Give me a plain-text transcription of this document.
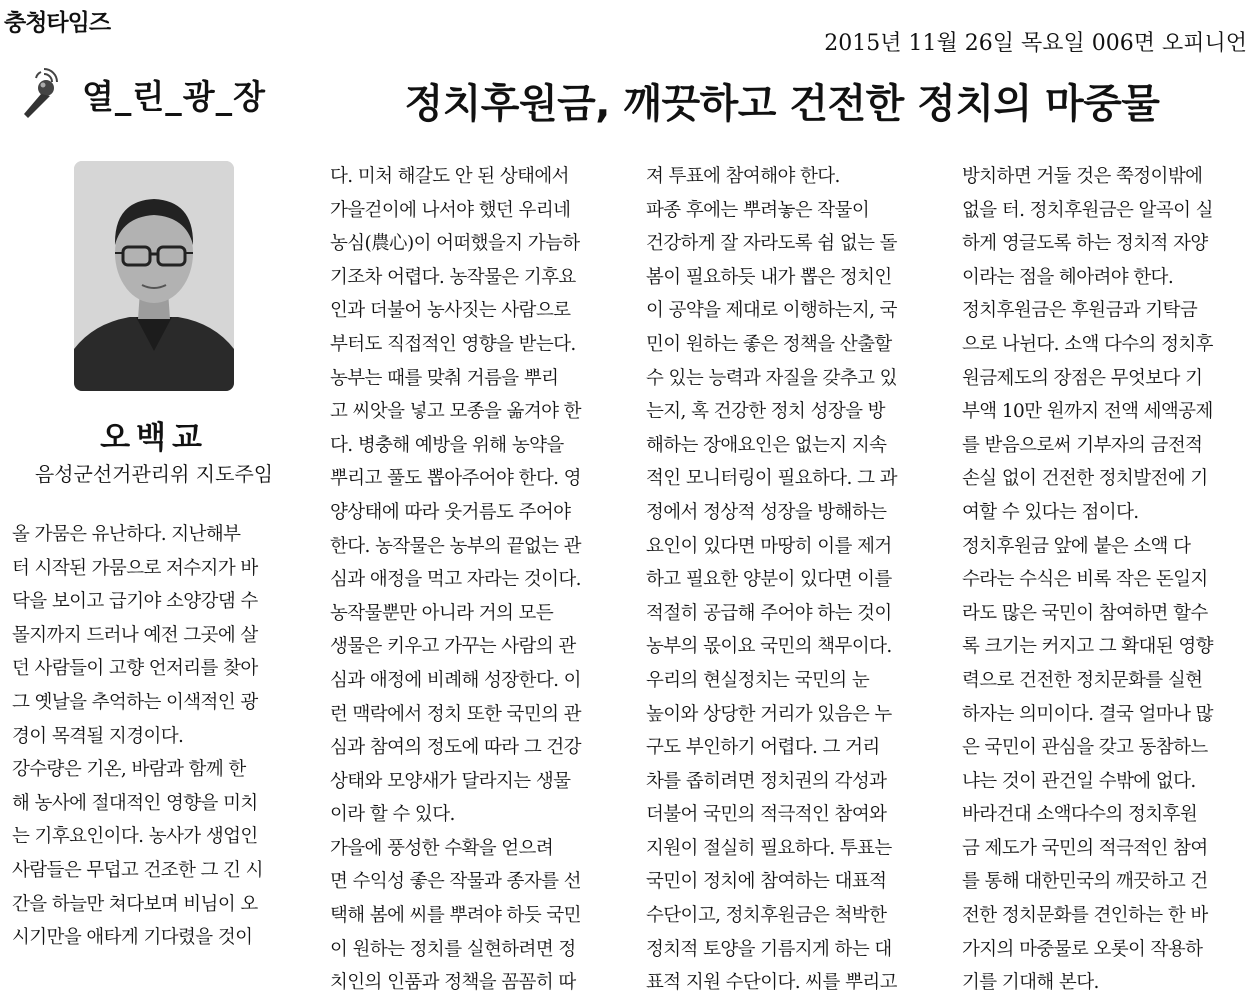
충청타임즈
2015년 11월 26일 목요일 006면 오피니언
열_린_광_장	정치후원금, 깨끗하고 건전한 정치의 마중물
오백교
음성군선거관리위 지도주임
올 가뭄은 유난하다. 지난해부
터 시작된 가뭄으로 저수지가 바
닥을 보이고 급기야 소양강댐 수
몰지까지 드러나 예전 그곳에 살
던 사람들이 고향 언저리를 찾아
그 옛날을 추억하는 이색적인 광
경이 목격될 지경이다.
강수량은 기온, 바람과 함께 한
해 농사에 절대적인 영향을 미치
는 기후요인이다. 농사가 생업인
사람들은 무덥고 건조한 그 긴 시
간을 하늘만 쳐다보며 비님이 오
시기만을 애타게 기다렸을 것이
다. 미처 해갈도 안 된 상태에서
가을걷이에 나서야 했던 우리네
농심(農心)이 어떠했을지 가늠하
기조차 어렵다. 농작물은 기후요
인과 더불어 농사짓는 사람으로
부터도 직접적인 영향을 받는다.
농부는 때를 맞춰 거름을 뿌리
고 씨앗을 넣고 모종을 옮겨야 한
다. 병충해 예방을 위해 농약을
뿌리고 풀도 뽑아주어야 한다. 영
양상태에 따라 웃거름도 주어야
한다. 농작물은 농부의 끝없는 관
심과 애정을 먹고 자라는 것이다.
농작물뿐만 아니라 거의 모든
생물은 키우고 가꾸는 사람의 관
심과 애정에 비례해 성장한다. 이
런 맥락에서 정치 또한 국민의 관
심과 참여의 정도에 따라 그 건강
상태와 모양새가 달라지는 생물
이라 할 수 있다.
가을에 풍성한 수확을 얻으려
면 수익성 좋은 작물과 종자를 선
택해 봄에 씨를 뿌려야 하듯 국민
이 원하는 정치를 실현하려면 정
치인의 인품과 정책을 꼼꼼히 따
져 투표에 참여해야 한다.
파종 후에는 뿌려놓은 작물이
건강하게 잘 자라도록 쉼 없는 돌
봄이 필요하듯 내가 뽑은 정치인
이 공약을 제대로 이행하는지, 국
민이 원하는 좋은 정책을 산출할
수 있는 능력과 자질을 갖추고 있
는지, 혹 건강한 정치 성장을 방
해하는 장애요인은 없는지 지속
적인 모니터링이 필요하다. 그 과
정에서 정상적 성장을 방해하는
요인이 있다면 마땅히 이를 제거
하고 필요한 양분이 있다면 이를
적절히 공급해 주어야 하는 것이
농부의 몫이요 국민의 책무이다.
우리의 현실정치는 국민의 눈
높이와 상당한 거리가 있음은 누
구도 부인하기 어렵다. 그 거리
차를 좁히려면 정치권의 각성과
더불어 국민의 적극적인 참여와
지원이 절실히 필요하다. 투표는
국민이 정치에 참여하는 대표적
수단이고, 정치후원금은 척박한
정치적 토양을 기름지게 하는 대
표적 지원 수단이다. 씨를 뿌리고
방치하면 거둘 것은 쭉정이밖에
없을 터. 정치후원금은 알곡이 실
하게 영글도록 하는 정치적 자양
이라는 점을 헤아려야 한다.
정치후원금은 후원금과 기탁금
으로 나뉜다. 소액 다수의 정치후
원금제도의 장점은 무엇보다 기
부액 10만 원까지 전액 세액공제
를 받음으로써 기부자의 금전적
손실 없이 건전한 정치발전에 기
여할 수 있다는 점이다.
정치후원금 앞에 붙은 소액 다
수라는 수식은 비록 작은 돈일지
라도 많은 국민이 참여하면 할수
록 크기는 커지고 그 확대된 영향
력으로 건전한 정치문화를 실현
하자는 의미이다. 결국 얼마나 많
은 국민이 관심을 갖고 동참하느
냐는 것이 관건일 수밖에 없다.
바라건대 소액다수의 정치후원
금 제도가 국민의 적극적인 참여
를 통해 대한민국의 깨끗하고 건
전한 정치문화를 견인하는 한 바
가지의 마중물로 오롯이 작용하
기를 기대해 본다.
